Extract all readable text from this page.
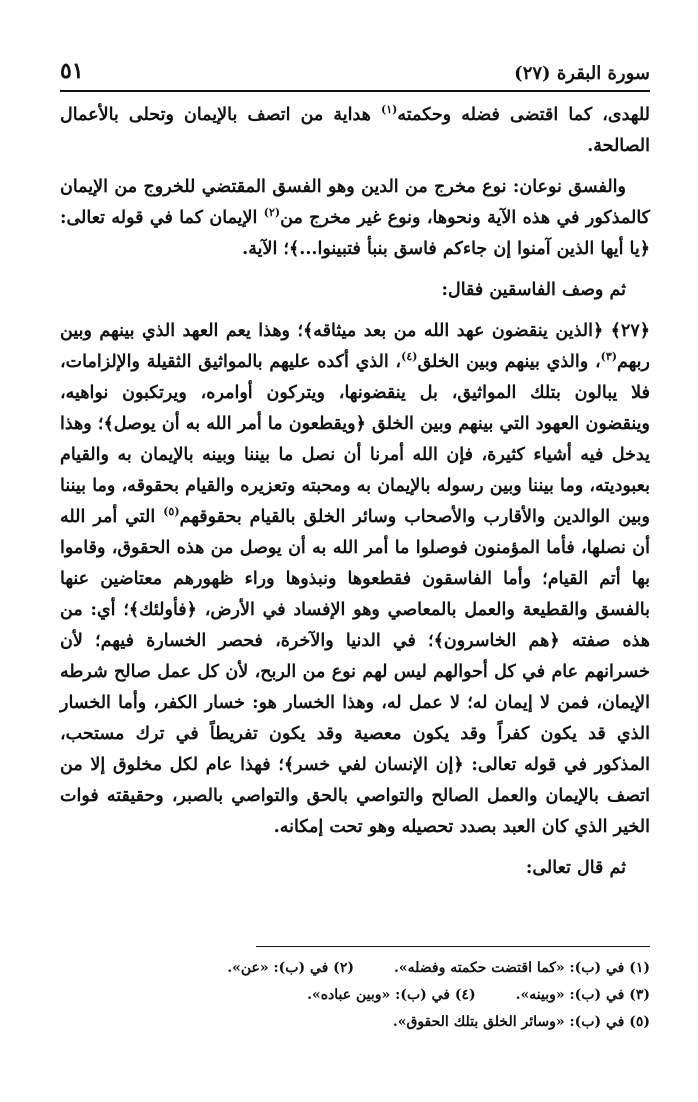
سورة البقرة (٢٧)
٥١

للهدى، كما اقتضى فضله وحكمته$^{(١)}$ هداية من اتصف بالإيمان وتحلى بالأعمال الصالحة.

والفسق نوعان: نوع مخرج من الدين وهو الفسق المقتضي للخروج من الإيمان كالمذكور في هذه الآية ونحوها، ونوع غير مخرج من$^{(٢)}$ الإيمان كما في قوله تعالى: ﴿يا أيها الذين آمنوا إن جاءكم فاسق بنبأ فتبينوا...﴾؛ الآية.

ثم وصف الفاسقين فقال:

﴿٢٧﴾ ﴿الذين ينقضون عهد الله من بعد ميثاقه﴾؛ وهذا يعم العهد الذي بينهم وبين ربهم$^{(٣)}$، والذي بينهم وبين الخلق$^{(٤)}$، الذي أكده عليهم بالمواثيق الثقيلة والإلزامات، فلا يبالون بتلك المواثيق، بل ينقضونها، ويتركون أوامره، ويرتكبون نواهيه، وينقضون العهود التي بينهم وبين الخلق ﴿ويقطعون ما أمر الله به أن يوصل﴾؛ وهذا يدخل فيه أشياء كثيرة، فإن الله أمرنا أن نصل ما بيننا وبينه بالإيمان به والقيام بعبوديته، وما بيننا وبين رسوله بالإيمان به ومحبته وتعزيره والقيام بحقوقه، وما بيننا وبين الوالدين والأقارب والأصحاب وسائر الخلق بالقيام بحقوقهم$^{(٥)}$ التي أمر الله أن نصلها، فأما المؤمنون فوصلوا ما أمر الله به أن يوصل من هذه الحقوق، وقاموا بها أتم القيام؛ وأما الفاسقون فقطعوها ونبذوها وراء ظهورهم معتاضين عنها بالفسق والقطيعة والعمل بالمعاصي وهو الإفساد في الأرض، ﴿فأولئك﴾؛ أي: من هذه صفته ﴿هم الخاسرون﴾؛ في الدنيا والآخرة، فحصر الخسارة فيهم؛ لأن خسرانهم عام في كل أحوالهم ليس لهم نوع من الربح، لأن كل عمل صالح شرطه الإيمان، فمن لا إيمان له؛ لا عمل له، وهذا الخسار هو: خسار الكفر، وأما الخسار الذي قد يكون كفراً وقد يكون معصية وقد يكون تفريطاً في ترك مستحب، المذكور في قوله تعالى: ﴿إن الإنسان لفي خسر﴾؛ فهذا عام لكل مخلوق إلا من اتصف بالإيمان والعمل الصالح والتواصي بالحق والتواصي بالصبر، وحقيقته فوات الخير الذي كان العبد بصدد تحصيله وهو تحت إمكانه.

ثم قال تعالى:

(١) في (ب): «كما اقتضت حكمته وفضله».
(٢) في (ب): «عن».
(٣) في (ب): «وبينه».
(٤) في (ب): «وبين عباده».
(٥) في (ب): «وسائر الخلق بتلك الحقوق».
